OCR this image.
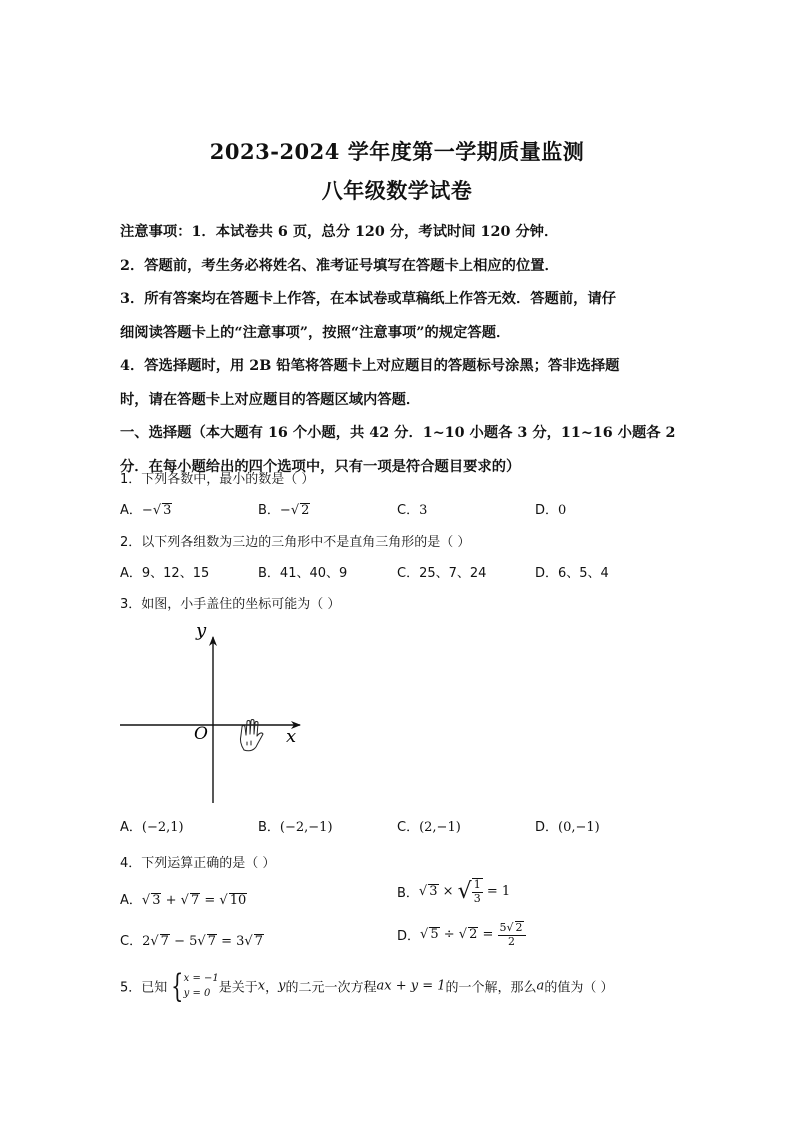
2023-2024 学年度第一学期质量监测
八年级数学试卷

注意事项：1．本试卷共 6 页，总分 120 分，考试时间 120 分钟．

2．答题前，考生务必将姓名、准考证号填写在答题卡上相应的位置．

3．所有答案均在答题卡上作答，在本试卷或草稿纸上作答无效．答题前，请仔

细阅读答题卡上的“注意事项”，按照“注意事项”的规定答题．

4．答选择题时，用 2B 铅笔将答题卡上对应题目的答题标号涂黑；答非选择题

时，请在答题卡上对应题目的答题区域内答题．

一、选择题（本大题有 16 个小题，共 42 分．1~10 小题各 3 分，11~16 小题各 2

分．在每小题给出的四个选项中，只有一项是符合题目要求的）

1．下列各数中，最小的数是（ ）
A．− √ 3	B．− √ 2	C．3	D．0
2．以下列各组数为三边的三角形中不是直角三角形的是（ ）
A．9、12、15	B．41、40、9	C．25、7、24	D．6、5、4
3．如图，小手盖住的坐标可能为（ ）
O	x
y
A．(−2,1)	B．(−2,−1)	C．(2,−1)	D．(0,−1)
4．下列运算正确的是（ ）
A． √ 3 + √ 7 = √ 10	B． √ 3 × √ $\frac{1}{3} = 1$
C．2 √ 7 − 5 √ 7 = 3 √ 7	D． √ 5 ÷ √ $2 = \frac{5 √ 2}{2}$
5．已知 { x = −1
y = 0 是关于x，y的二元一次方程ax + y = 1的一个解，那么a的值为（ ）
